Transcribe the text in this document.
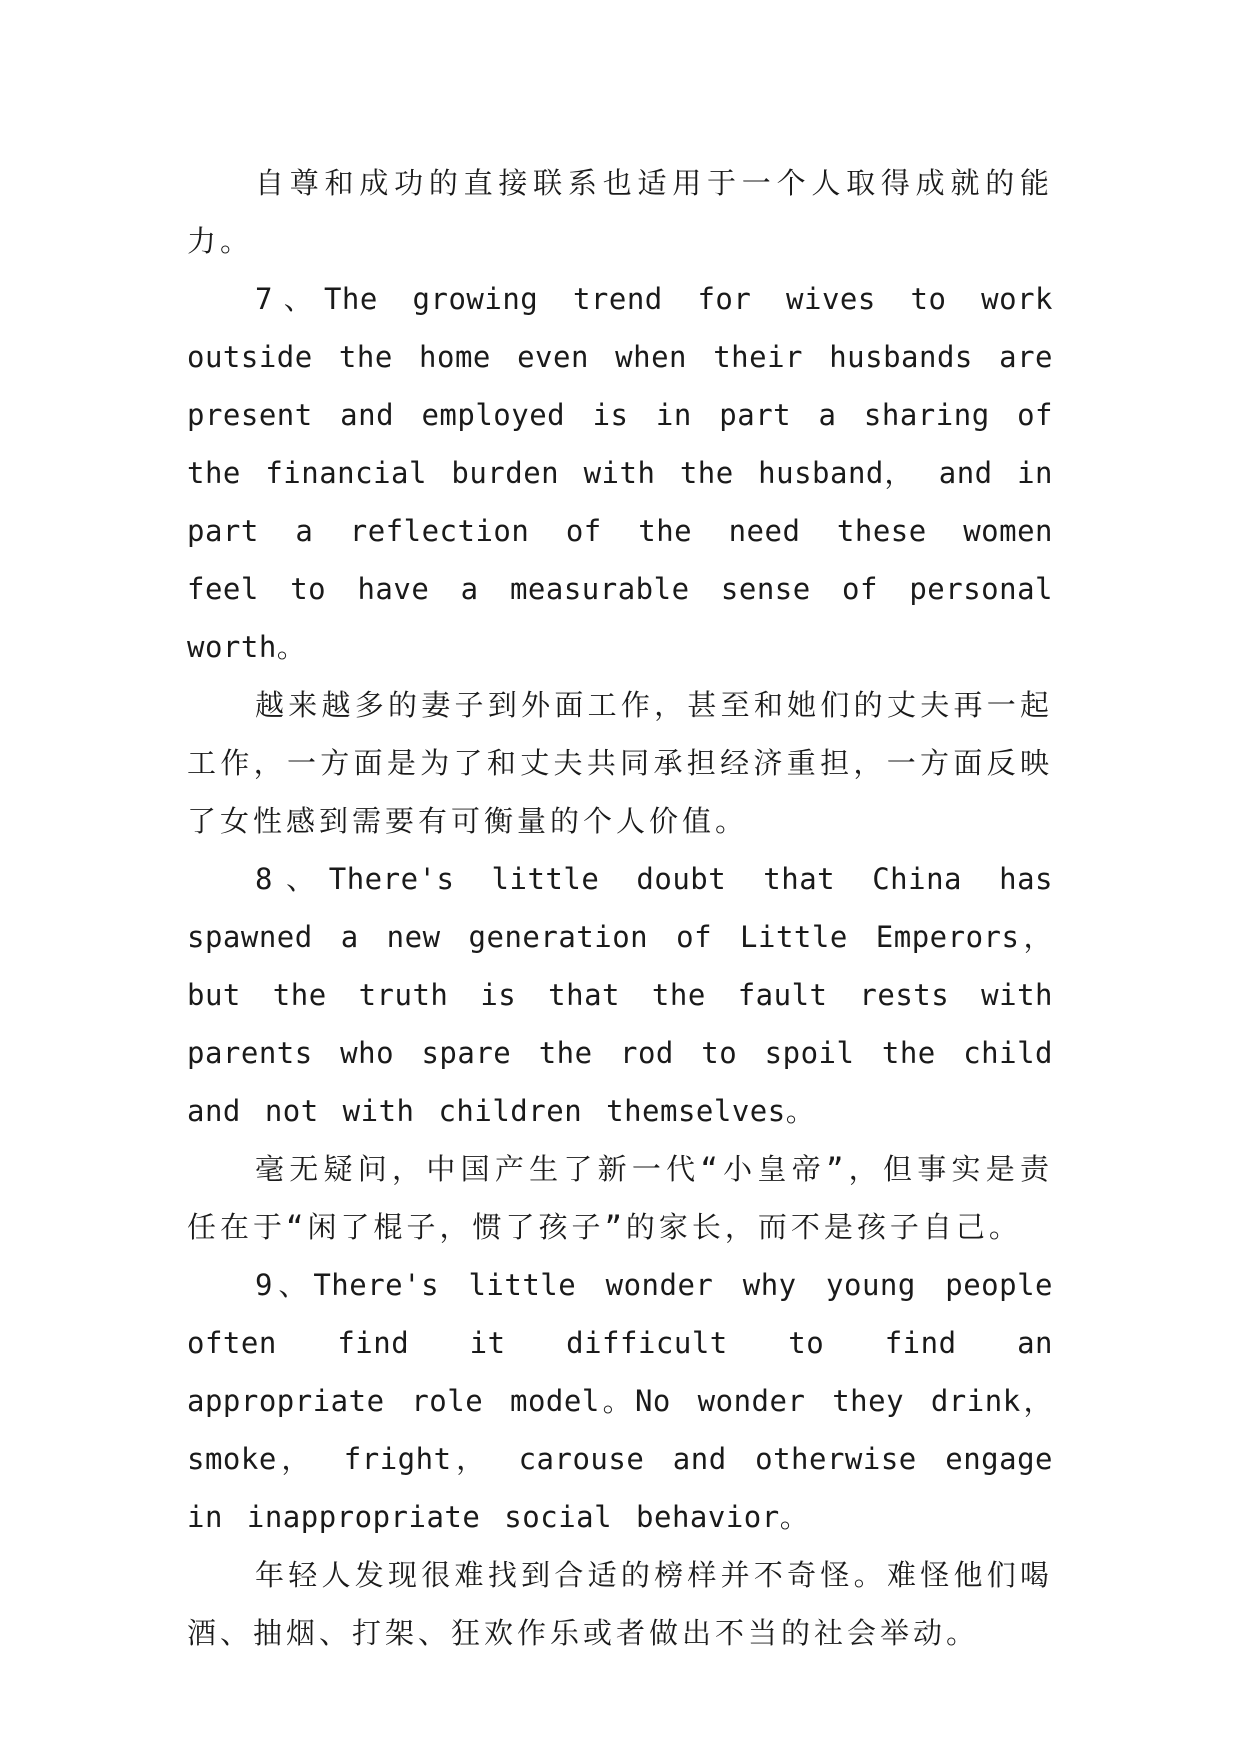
自尊和成功的直接联系也适用于一个人取得成就的能力。

7、The growing trend for wives to work outside the home even when their husbands are present and employed is in part a sharing of the financial burden with the husband， and in part a reflection of the need these women feel to have a measurable sense of personal worth。

越来越多的妻子到外面工作，甚至和她们的丈夫再一起工作，一方面是为了和丈夫共同承担经济重担，一方面反映了女性感到需要有可衡量的个人价值。

8、There's little doubt that China has spawned a new generation of Little Emperors， but the truth is that the fault rests with parents who spare the rod to spoil the child and not with children themselves。

毫无疑问，中国产生了新一代“小皇帝”，但事实是责任在于“闲了棍子，惯了孩子”的家长，而不是孩子自己。

9、There's little wonder why young people often find it difficult to find an appropriate role model。No wonder they drink， smoke， fright， carouse and otherwise engage in inappropriate social behavior。

年轻人发现很难找到合适的榜样并不奇怪。难怪他们喝酒、抽烟、打架、狂欢作乐或者做出不当的社会举动。
